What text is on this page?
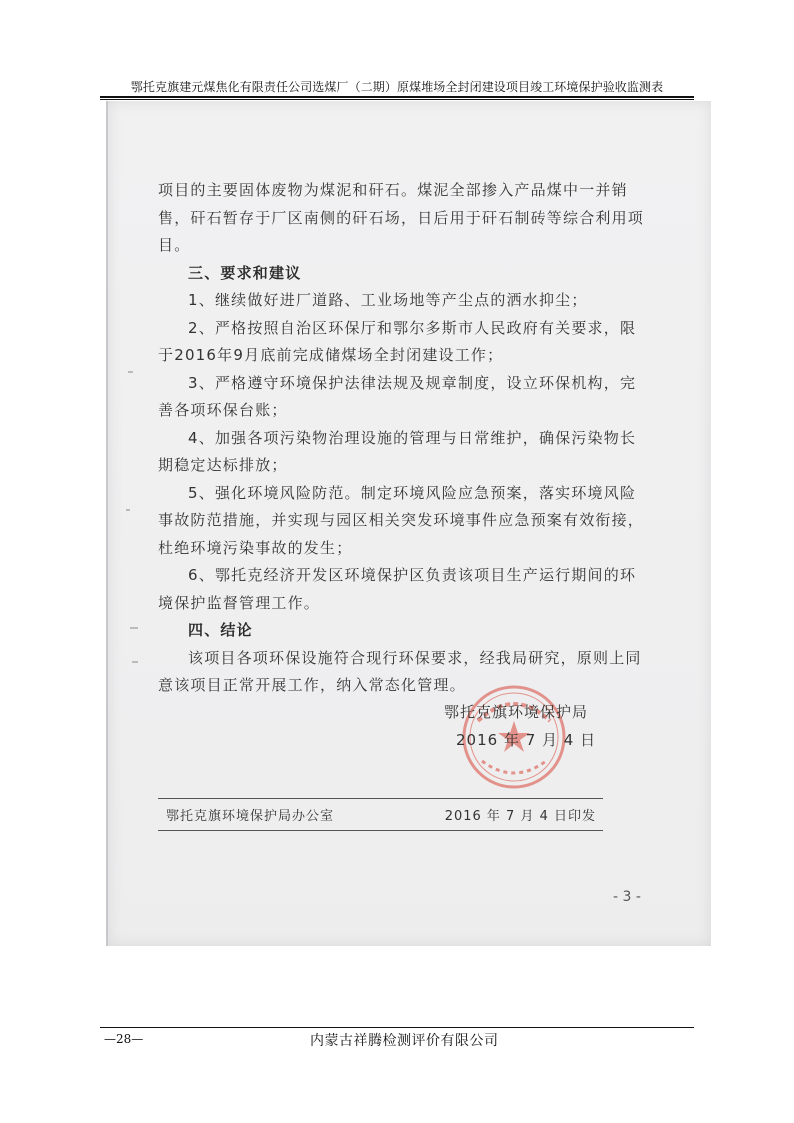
鄂托克旗建元煤焦化有限责任公司选煤厂（二期）原煤堆场全封闭建设项目竣工环境保护验收监测表

项目的主要固体废物为煤泥和矸石。煤泥全部掺入产品煤中一并销售，矸石暂存于厂区南侧的矸石场，日后用于矸石制砖等综合利用项目。

三、要求和建议

1、继续做好进厂道路、工业场地等产尘点的洒水抑尘；

2、严格按照自治区环保厅和鄂尔多斯市人民政府有关要求，限于2016年9月底前完成储煤场全封闭建设工作；

3、严格遵守环境保护法律法规及规章制度，设立环保机构，完善各项环保台账；

4、加强各项污染物治理设施的管理与日常维护，确保污染物长期稳定达标排放；

5、强化环境风险防范。制定环境风险应急预案，落实环境风险事故防范措施，并实现与园区相关突发环境事件应急预案有效衔接，杜绝环境污染事故的发生；

6、鄂托克经济开发区环境保护区负责该项目生产运行期间的环境保护监督管理工作。

四、结论

该项目各项环保设施符合现行环保要求，经我局研究，原则上同意该项目正常开展工作，纳入常态化管理。

鄂托克旗环境保护局
2016 年 7 月 4 日
鄂托克旗环境保护局办公室	2016 年 7 月 4 日印发
- 3 -
—28—	内蒙古祥腾检测评价有限公司
